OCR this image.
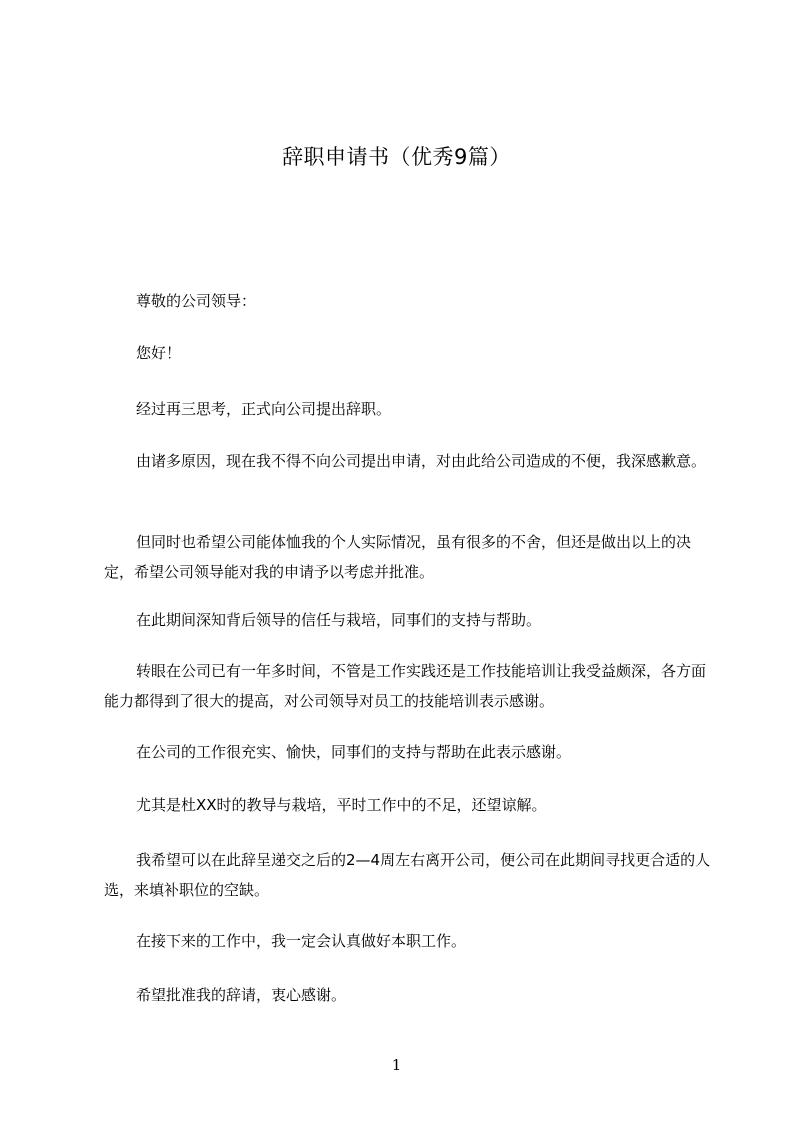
辞职申请书（优秀9篇）

尊敬的公司领导：

您好！

经过再三思考，正式向公司提出辞职。

由诸多原因，现在我不得不向公司提出申请，对由此给公司造成的不便，我深感歉意。

但同时也希望公司能体恤我的个人实际情况，虽有很多的不舍，但还是做出以上的决定，希望公司领导能对我的申请予以考虑并批准。

在此期间深知背后领导的信任与栽培，同事们的支持与帮助。

转眼在公司已有一年多时间，不管是工作实践还是工作技能培训让我受益颇深，各方面能力都得到了很大的提高，对公司领导对员工的技能培训表示感谢。

在公司的工作很充实、愉快，同事们的支持与帮助在此表示感谢。

尤其是杜XX时的教导与栽培，平时工作中的不足，还望谅解。

我希望可以在此辞呈递交之后的2—4周左右离开公司，便公司在此期间寻找更合适的人选，来填补职位的空缺。

在接下来的工作中，我一定会认真做好本职工作。

希望批准我的辞请，衷心感谢。

1
